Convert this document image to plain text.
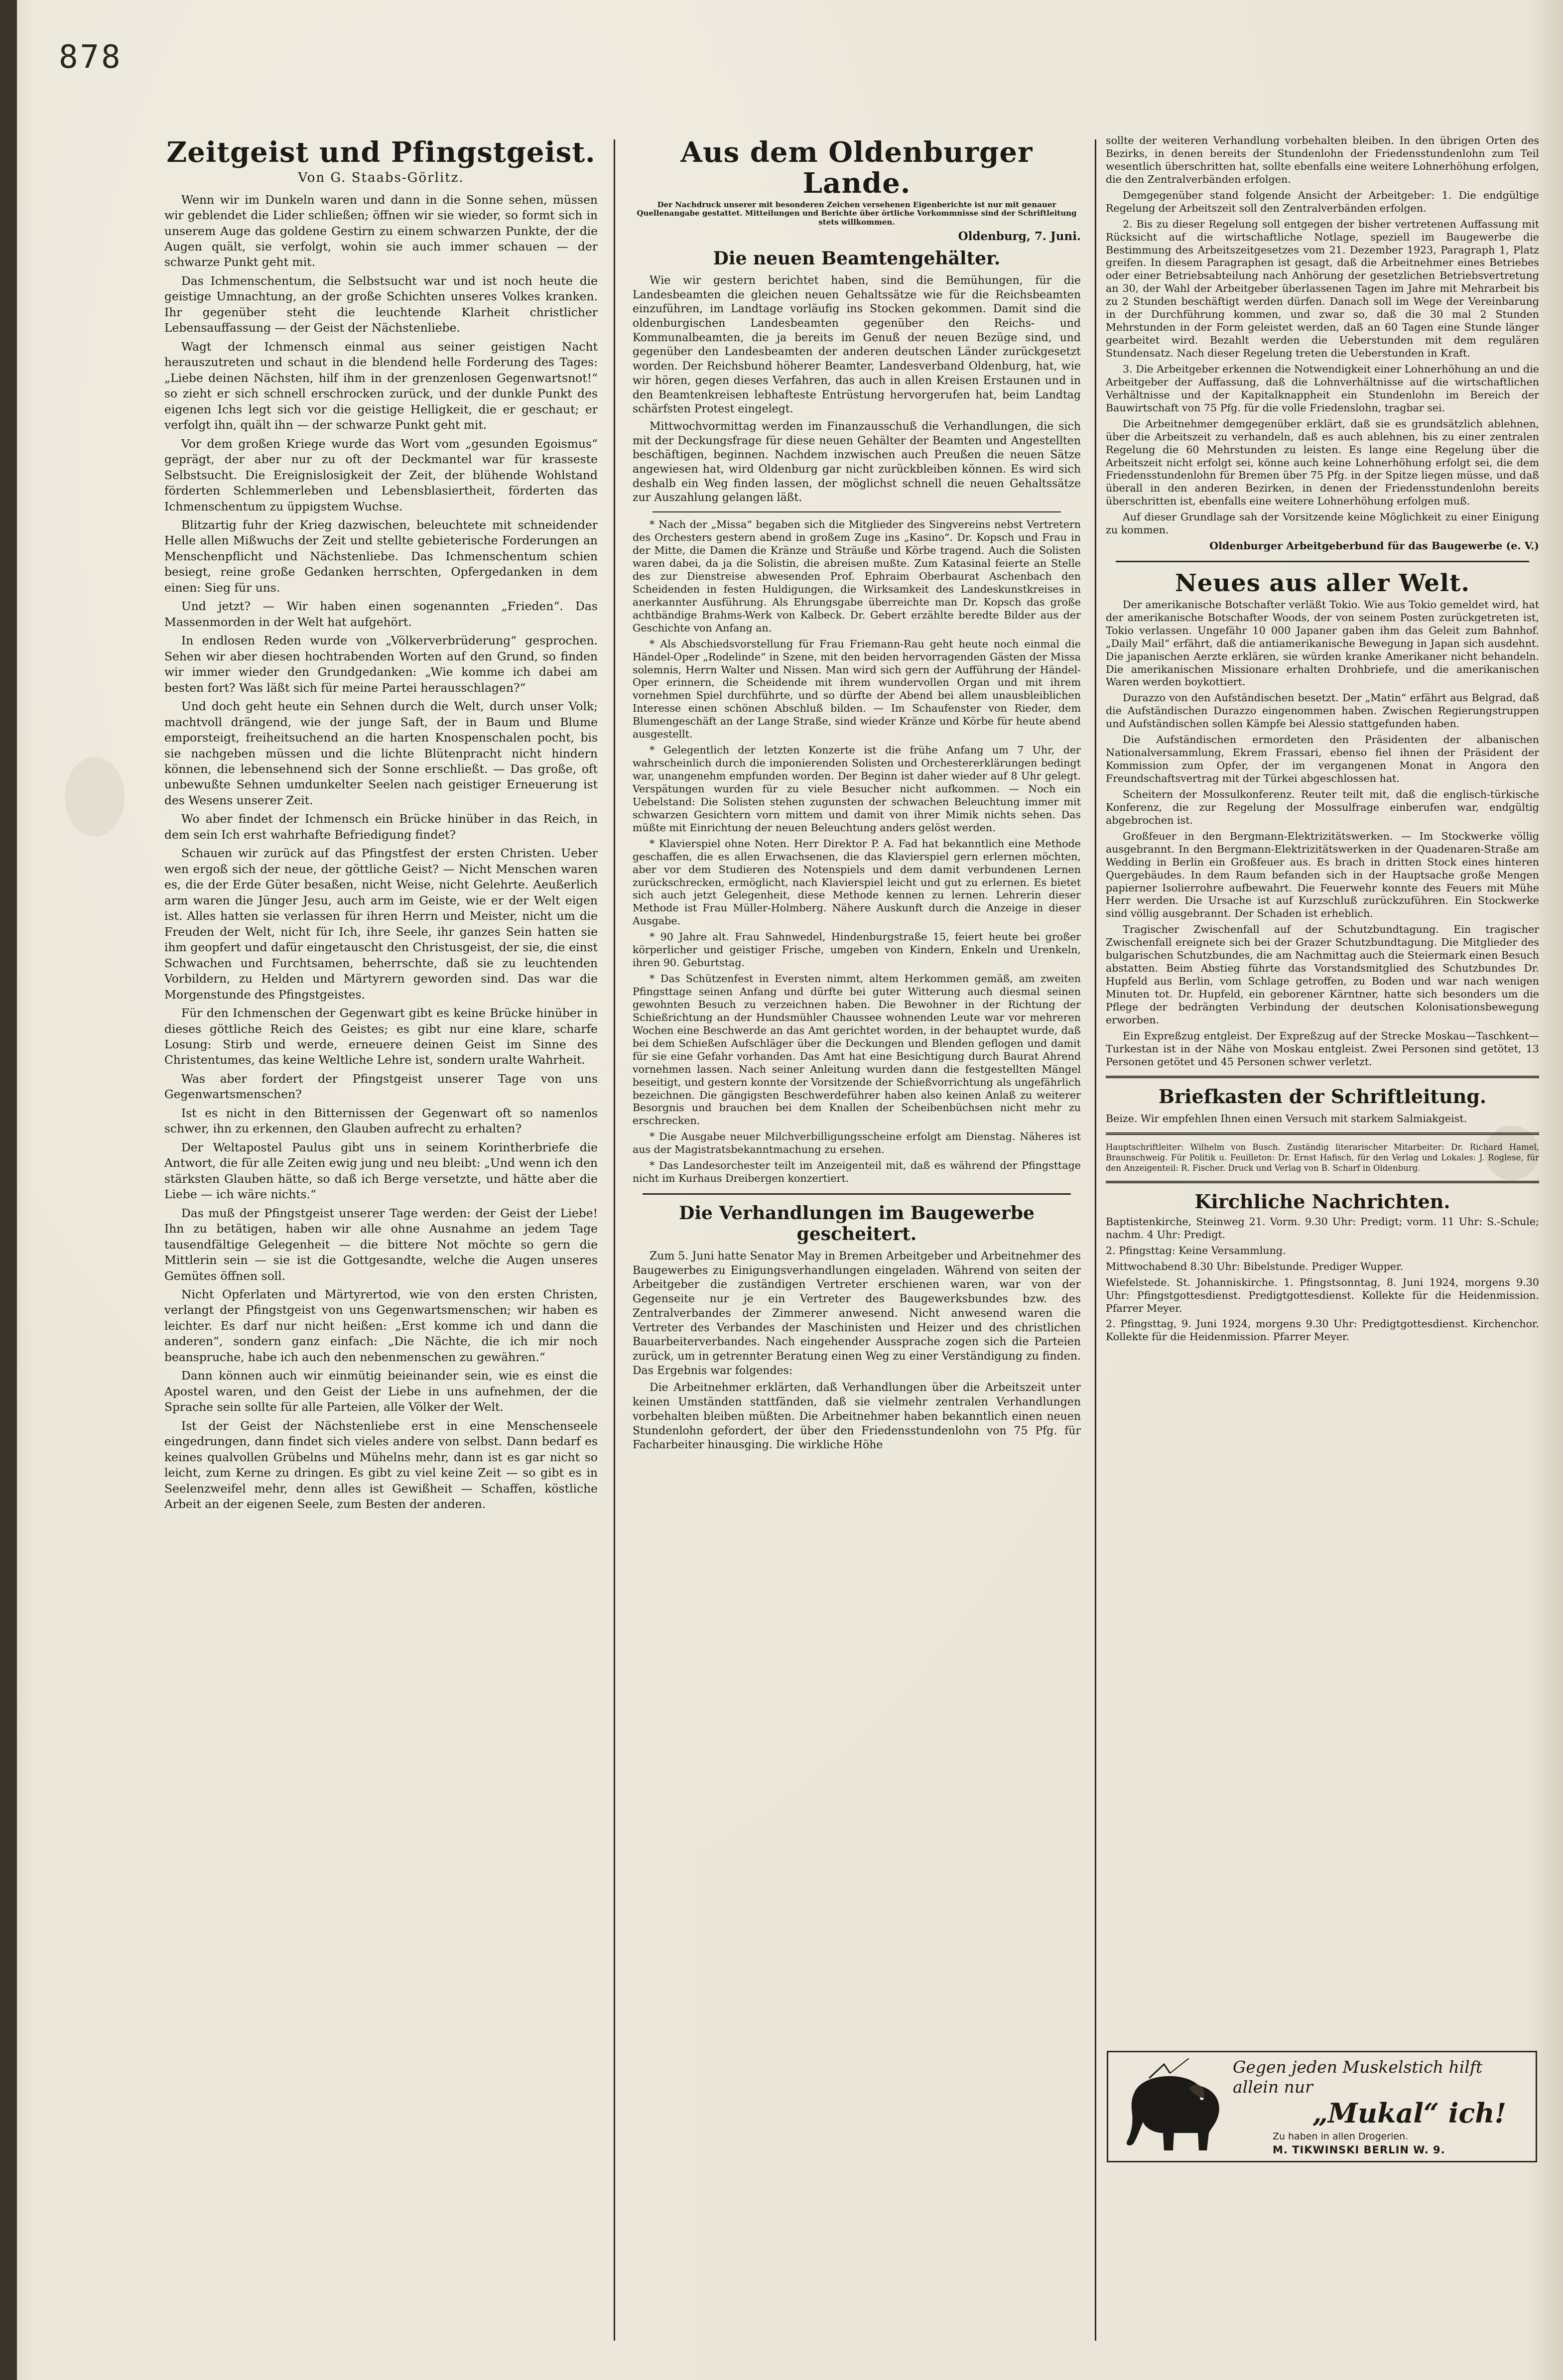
878
Zeitgeist und Pfingstgeist.
Von G. Staabs-Görlitz.

Wenn wir im Dunkeln waren und dann in die Sonne sehen, müssen wir geblendet die Lider schließen; öffnen wir sie wieder, so formt sich in unserem Auge das goldene Gestirn zu einem schwarzen Punkte, der die Augen quält, sie verfolgt, wohin sie auch immer schauen — der schwarze Punkt geht mit.

Das Ichmenschentum, die Selbstsucht war und ist noch heute die geistige Umnachtung, an der große Schichten unseres Volkes kranken. Ihr gegenüber steht die leuchtende Klarheit christlicher Lebensauffassung — der Geist der Nächstenliebe.

Wagt der Ichmensch einmal aus seiner geistigen Nacht herauszutreten und schaut in die blendend helle Forderung des Tages: „Liebe deinen Nächsten, hilf ihm in der grenzenlosen Gegenwartsnot!“ so zieht er sich schnell erschrocken zurück, und der dunkle Punkt des eigenen Ichs legt sich vor die geistige Helligkeit, die er geschaut; er verfolgt ihn, quält ihn — der schwarze Punkt geht mit.

Vor dem großen Kriege wurde das Wort vom „gesunden Egoismus“ geprägt, der aber nur zu oft der Deckmantel war für krasseste Selbstsucht. Die Ereignislosigkeit der Zeit, der blühende Wohlstand förderten Schlemmerleben und Lebensblasiertheit, förderten das Ichmenschentum zu üppigstem Wuchse.

Blitzartig fuhr der Krieg dazwischen, beleuchtete mit schneidender Helle allen Mißwuchs der Zeit und stellte gebieterische Forderungen an Menschenpflicht und Nächstenliebe. Das Ichmenschentum schien besiegt, reine große Gedanken herrschten, Opfergedanken in dem einen: Sieg für uns.

Und jetzt? — Wir haben einen sogenannten „Frieden“. Das Massenmorden in der Welt hat aufgehört.

In endlosen Reden wurde von „Völkerverbrüderung“ gesprochen. Sehen wir aber diesen hochtrabenden Worten auf den Grund, so finden wir immer wieder den Grundgedanken: „Wie komme ich dabei am besten fort? Was läßt sich für meine Partei herausschlagen?“

Und doch geht heute ein Sehnen durch die Welt, durch unser Volk; machtvoll drängend, wie der junge Saft, der in Baum und Blume emporsteigt, freiheitsuchend an die harten Knospenschalen pocht, bis sie nachgeben müssen und die lichte Blütenpracht nicht hindern können, die lebensehnend sich der Sonne erschließt. — Das große, oft unbewußte Sehnen umdunkelter Seelen nach geistiger Erneuerung ist des Wesens unserer Zeit.

Wo aber findet der Ichmensch ein Brücke hinüber in das Reich, in dem sein Ich erst wahrhafte Befriedigung findet?

Schauen wir zurück auf das Pfingstfest der ersten Christen. Ueber wen ergoß sich der neue, der göttliche Geist? — Nicht Menschen waren es, die der Erde Güter besaßen, nicht Weise, nicht Gelehrte. Aeußerlich arm waren die Jünger Jesu, auch arm im Geiste, wie er der Welt eigen ist. Alles hatten sie verlassen für ihren Herrn und Meister, nicht um die Freuden der Welt, nicht für Ich, ihre Seele, ihr ganzes Sein hatten sie ihm geopfert und dafür eingetauscht den Christusgeist, der sie, die einst Schwachen und Furchtsamen, beherrschte, daß sie zu leuchtenden Vorbildern, zu Helden und Märtyrern geworden sind. Das war die Morgenstunde des Pfingstgeistes.

Für den Ichmenschen der Gegenwart gibt es keine Brücke hinüber in dieses göttliche Reich des Geistes; es gibt nur eine klare, scharfe Losung: Stirb und werde, erneuere deinen Geist im Sinne des Christentumes, das keine Weltliche Lehre ist, sondern uralte Wahrheit.

Was aber fordert der Pfingstgeist unserer Tage von uns Gegenwartsmenschen?

Ist es nicht in den Bitternissen der Gegenwart oft so namenlos schwer, ihn zu erkennen, den Glauben aufrecht zu erhalten?

Der Weltapostel Paulus gibt uns in seinem Korintherbriefe die Antwort, die für alle Zeiten ewig jung und neu bleibt: „Und wenn ich den stärksten Glauben hätte, so daß ich Berge versetzte, und hätte aber die Liebe — ich wäre nichts.“

Das muß der Pfingstgeist unserer Tage werden: der Geist der Liebe! Ihn zu betätigen, haben wir alle ohne Ausnahme an jedem Tage tausendfältige Gelegenheit — die bittere Not möchte so gern die Mittlerin sein — sie ist die Gottgesandte, welche die Augen unseres Gemütes öffnen soll.

Nicht Opferlaten und Märtyrertod, wie von den ersten Christen, verlangt der Pfingstgeist von uns Gegenwartsmenschen; wir haben es leichter. Es darf nur nicht heißen: „Erst komme ich und dann die anderen“, sondern ganz einfach: „Die Nächte, die ich mir noch beanspruche, habe ich auch den nebenmenschen zu gewähren.“

Dann können auch wir einmütig beieinander sein, wie es einst die Apostel waren, und den Geist der Liebe in uns aufnehmen, der die Sprache sein sollte für alle Parteien, alle Völker der Welt.

Ist der Geist der Nächstenliebe erst in eine Menschenseele eingedrungen, dann findet sich vieles andere von selbst. Dann bedarf es keines qualvollen Grübelns und Mühelns mehr, dann ist es gar nicht so leicht, zum Kerne zu dringen. Es gibt zu viel keine Zeit — so gibt es in Seelenzweifel mehr, denn alles ist Gewißheit — Schaffen, köstliche Arbeit an der eigenen Seele, zum Besten der anderen.

Aus dem Oldenburger Lande.
Der Nachdruck unserer mit besonderen Zeichen versehenen Eigenberichte ist nur mit genauer Quellenangabe gestattet. Mitteilungen und Berichte über örtliche Vorkommnisse sind der Schriftleitung stets willkommen.
Oldenburg, 7. Juni.
Die neuen Beamtengehälter.

Wie wir gestern berichtet haben, sind die Bemühungen, für die Landesbeamten die gleichen neuen Gehaltssätze wie für die Reichsbeamten einzuführen, im Landtage vorläufig ins Stocken gekommen. Damit sind die oldenburgischen Landesbeamten gegenüber den Reichs- und Kommunalbeamten, die ja bereits im Genuß der neuen Bezüge sind, und gegenüber den Landesbeamten der anderen deutschen Länder zurückgesetzt worden. Der Reichsbund höherer Beamter, Landesverband Oldenburg, hat, wie wir hören, gegen dieses Verfahren, das auch in allen Kreisen Erstaunen und in den Beamtenkreisen lebhafteste Entrüstung hervorgerufen hat, beim Landtag schärfsten Protest eingelegt.

Mittwochvormittag werden im Finanzausschuß die Verhandlungen, die sich mit der Deckungsfrage für diese neuen Gehälter der Beamten und Angestellten beschäftigen, beginnen. Nachdem inzwischen auch Preußen die neuen Sätze angewiesen hat, wird Oldenburg gar nicht zurückbleiben können. Es wird sich deshalb ein Weg finden lassen, der möglichst schnell die neuen Gehaltssätze zur Auszahlung gelangen läßt.

* Nach der „Missa“ begaben sich die Mitglieder des Singvereins nebst Vertretern des Orchesters gestern abend in großem Zuge ins „Kasino“. Dr. Kopsch und Frau in der Mitte, die Damen die Kränze und Sträuße und Körbe tragend. Auch die Solisten waren dabei, da ja die Solistin, die abreisen mußte. Zum Katasinal feierte an Stelle des zur Dienstreise abwesenden Prof. Ephraim Oberbaurat Aschenbach den Scheidenden in festen Huldigungen, die Wirksamkeit des Landeskunstkreises in anerkannter Ausführung. Als Ehrungsgabe überreichte man Dr. Kopsch das große achtbändige Brahms-Werk von Kalbeck. Dr. Gebert erzählte beredte Bilder aus der Geschichte von Anfang an.

* Als Abschiedsvorstellung für Frau Friemann-Rau geht heute noch einmal die Händel-Oper „Rodelinde“ in Szene, mit den beiden hervorragenden Gästen der Missa solemnis, Herrn Walter und Nissen. Man wird sich gern der Aufführung der Händel-Oper erinnern, die Scheidende mit ihrem wundervollen Organ und mit ihrem vornehmen Spiel durchführte, und so dürfte der Abend bei allem unausbleiblichen Interesse einen schönen Abschluß bilden. — Im Schaufenster von Rieder, dem Blumengeschäft an der Lange Straße, sind wieder Kränze und Körbe für heute abend ausgestellt.

* Gelegentlich der letzten Konzerte ist die frühe Anfang um 7 Uhr, der wahrscheinlich durch die imponierenden Solisten und Orchestererklärungen bedingt war, unangenehm empfunden worden. Der Beginn ist daher wieder auf 8 Uhr gelegt. Verspätungen wurden für zu viele Besucher nicht aufkommen. — Noch ein Uebelstand: Die Solisten stehen zugunsten der schwachen Beleuchtung immer mit schwarzen Gesichtern vorn mittem und damit von ihrer Mimik nichts sehen. Das müßte mit Einrichtung der neuen Beleuchtung anders gelöst werden.

* Klavierspiel ohne Noten. Herr Direktor P. A. Fad hat bekanntlich eine Methode geschaffen, die es allen Erwachsenen, die das Klavierspiel gern erlernen möchten, aber vor dem Studieren des Notenspiels und dem damit verbundenen Lernen zurückschrecken, ermöglicht, nach Klavierspiel leicht und gut zu erlernen. Es bietet sich auch jetzt Gelegenheit, diese Methode kennen zu lernen. Lehrerin dieser Methode ist Frau Müller-Holmberg. Nähere Auskunft durch die Anzeige in dieser Ausgabe.

* 90 Jahre alt. Frau Sahnwedel, Hindenburgstraße 15, feiert heute bei großer körperlicher und geistiger Frische, umgeben von Kindern, Enkeln und Urenkeln, ihren 90. Geburtstag.

* Das Schützenfest in Eversten nimmt, altem Herkommen gemäß, am zweiten Pfingsttage seinen Anfang und dürfte bei guter Witterung auch diesmal seinen gewohnten Besuch zu verzeichnen haben. Die Bewohner in der Richtung der Schießrichtung an der Hundsmühler Chaussee wohnenden Leute war vor mehreren Wochen eine Beschwerde an das Amt gerichtet worden, in der behauptet wurde, daß bei dem Schießen Aufschläger über die Deckungen und Blenden geflogen und damit für sie eine Gefahr vorhanden. Das Amt hat eine Besichtigung durch Baurat Ahrend vornehmen lassen. Nach seiner Anleitung wurden dann die festgestellten Mängel beseitigt, und gestern konnte der Vorsitzende der Schießvorrichtung als ungefährlich bezeichnen. Die gängigsten Beschwerdeführer haben also keinen Anlaß zu weiterer Besorgnis und brauchen bei dem Knallen der Scheibenbüchsen nicht mehr zu erschrecken.

* Die Ausgabe neuer Milchverbilligungsscheine erfolgt am Dienstag. Näheres ist aus der Magistratsbekanntmachung zu ersehen.

* Das Landesorchester teilt im Anzeigenteil mit, daß es während der Pfingsttage nicht im Kurhaus Dreibergen konzertiert.

Die Verhandlungen im Baugewerbe gescheitert.

Zum 5. Juni hatte Senator May in Bremen Arbeitgeber und Arbeitnehmer des Baugewerbes zu Einigungsverhandlungen eingeladen. Während von seiten der Arbeitgeber die zuständigen Vertreter erschienen waren, war von der Gegenseite nur je ein Vertreter des Baugewerksbundes bzw. des Zentralverbandes der Zimmerer anwesend. Nicht anwesend waren die Vertreter des Verbandes der Maschinisten und Heizer und des christlichen Bauarbeiterverbandes. Nach eingehender Aussprache zogen sich die Parteien zurück, um in getrennter Beratung einen Weg zu einer Verständigung zu finden. Das Ergebnis war folgendes:

Die Arbeitnehmer erklärten, daß Verhandlungen über die Arbeitszeit unter keinen Umständen stattfänden, daß sie vielmehr zentralen Verhandlungen vorbehalten bleiben müßten. Die Arbeitnehmer haben bekanntlich einen neuen Stundenlohn gefordert, der über den Friedensstundenlohn von 75 Pfg. für Facharbeiter hinausging. Die wirkliche Höhe

sollte der weiteren Verhandlung vorbehalten bleiben. In den übrigen Orten des Bezirks, in denen bereits der Stundenlohn der Friedensstundenlohn zum Teil wesentlich überschritten hat, sollte ebenfalls eine weitere Lohnerhöhung erfolgen, die den Zentralverbänden erfolgen.

Demgegenüber stand folgende Ansicht der Arbeitgeber: 1. Die endgültige Regelung der Arbeitszeit soll den Zentralverbänden erfolgen.

2. Bis zu dieser Regelung soll entgegen der bisher vertretenen Auffassung mit Rücksicht auf die wirtschaftliche Notlage, speziell im Baugewerbe die Bestimmung des Arbeitszeitgesetzes vom 21. Dezember 1923, Paragraph 1, Platz greifen. In diesem Paragraphen ist gesagt, daß die Arbeitnehmer eines Betriebes oder einer Betriebsabteilung nach Anhörung der gesetzlichen Betriebsvertretung an 30, der Wahl der Arbeitgeber überlassenen Tagen im Jahre mit Mehrarbeit bis zu 2 Stunden beschäftigt werden dürfen. Danach soll im Wege der Vereinbarung in der Durchführung kommen, und zwar so, daß die 30 mal 2 Stunden Mehrstunden in der Form geleistet werden, daß an 60 Tagen eine Stunde länger gearbeitet wird. Bezahlt werden die Ueberstunden mit dem regulären Stundensatz. Nach dieser Regelung treten die Ueberstunden in Kraft.

3. Die Arbeitgeber erkennen die Notwendigkeit einer Lohnerhöhung an und die Arbeitgeber der Auffassung, daß die Lohnverhältnisse auf die wirtschaftlichen Verhältnisse und der Kapitalknappheit ein Stundenlohn im Bereich der Bauwirtschaft von 75 Pfg. für die volle Friedenslohn, tragbar sei.

Die Arbeitnehmer demgegenüber erklärt, daß sie es grundsätzlich ablehnen, über die Arbeitszeit zu verhandeln, daß es auch ablehnen, bis zu einer zentralen Regelung die 60 Mehrstunden zu leisten. Es lange eine Regelung über die Arbeitszeit nicht erfolgt sei, könne auch keine Lohnerhöhung erfolgt sei, die dem Friedensstundenlohn für Bremen über 75 Pfg. in der Spitze liegen müsse, und daß überall in den anderen Bezirken, in denen der Friedensstundenlohn bereits überschritten ist, ebenfalls eine weitere Lohnerhöhung erfolgen muß.

Auf dieser Grundlage sah der Vorsitzende keine Möglichkeit zu einer Einigung zu kommen.

Oldenburger Arbeitgeberbund für das Baugewerbe (e. V.)

Neues aus aller Welt.

Der amerikanische Botschafter verläßt Tokio. Wie aus Tokio gemeldet wird, hat der amerikanische Botschafter Woods, der von seinem Posten zurückgetreten ist, Tokio verlassen. Ungefähr 10 000 Japaner gaben ihm das Geleit zum Bahnhof. „Daily Mail“ erfährt, daß die antiamerikanische Bewegung in Japan sich ausdehnt. Die japanischen Aerzte erklären, sie würden kranke Amerikaner nicht behandeln. Die amerikanischen Missionare erhalten Drohbriefe, und die amerikanischen Waren werden boykottiert.

Durazzo von den Aufständischen besetzt. Der „Matin“ erfährt aus Belgrad, daß die Aufständischen Durazzo eingenommen haben. Zwischen Regierungstruppen und Aufständischen sollen Kämpfe bei Alessio stattgefunden haben.

Die Aufständischen ermordeten den Präsidenten der albanischen Nationalversammlung, Ekrem Frassari, ebenso fiel ihnen der Präsident der Kommission zum Opfer, der im vergangenen Monat in Angora den Freundschaftsvertrag mit der Türkei abgeschlossen hat.

Scheitern der Mossulkonferenz. Reuter teilt mit, daß die englisch-türkische Konferenz, die zur Regelung der Mossulfrage einberufen war, endgültig abgebrochen ist.

Großfeuer in den Bergmann-Elektrizitätswerken. — Im Stockwerke völlig ausgebrannt. In den Bergmann-Elektrizitätswerken in der Quadenaren-Straße am Wedding in Berlin ein Großfeuer aus. Es brach in dritten Stock eines hinteren Quergebäudes. In dem Raum befanden sich in der Hauptsache große Mengen papierner Isolierrohre aufbewahrt. Die Feuerwehr konnte des Feuers mit Mühe Herr werden. Die Ursache ist auf Kurzschluß zurückzuführen. Ein Stockwerke sind völlig ausgebrannt. Der Schaden ist erheblich.

Tragischer Zwischenfall auf der Schutzbundtagung. Ein tragischer Zwischenfall ereignete sich bei der Grazer Schutzbundtagung. Die Mitglieder des bulgarischen Schutzbundes, die am Nachmittag auch die Steiermark einen Besuch abstatten. Beim Abstieg führte das Vorstandsmitglied des Schutzbundes Dr. Hupfeld aus Berlin, vom Schlage getroffen, zu Boden und war nach wenigen Minuten tot. Dr. Hupfeld, ein geborener Kärntner, hatte sich besonders um die Pflege der bedrängten Verbindung der deutschen Kolonisationsbewegung erworben.

Ein Expreßzug entgleist. Der Expreßzug auf der Strecke Moskau—Taschkent—Turkestan ist in der Nähe von Moskau entgleist. Zwei Personen sind getötet, 13 Personen getötet und 45 Personen schwer verletzt.

Briefkasten der Schriftleitung.

Beize. Wir empfehlen Ihnen einen Versuch mit starkem Salmiakgeist.

Hauptschriftleiter: Wilhelm von Busch. Zuständig literarischer Mitarbeiter: Dr. Richard Hamel, Braunschweig. Für Politik u. Feuilleton: Dr. Ernst Hafisch, für den Verlag und Lokales: J. Roglese, für den Anzeigenteil: R. Fischer. Druck und Verlag von B. Scharf in Oldenburg.
Kirchliche Nachrichten.

Baptistenkirche, Steinweg 21. Vorm. 9.30 Uhr: Predigt; vorm. 11 Uhr: S.-Schule; nachm. 4 Uhr: Predigt.

2. Pfingsttag: Keine Versammlung.

Mittwochabend 8.30 Uhr: Bibelstunde. Prediger Wupper.

Wiefelstede. St. Johanniskirche. 1. Pfingstsonntag, 8. Juni 1924, morgens 9.30 Uhr: Pfingstgottesdienst. Predigtgottesdienst. Kollekte für die Heidenmission. Pfarrer Meyer.

2. Pfingsttag, 9. Juni 1924, morgens 9.30 Uhr: Predigtgottesdienst. Kirchenchor. Kollekte für die Heidenmission. Pfarrer Meyer.

Gegen jeden Muskelstich hilft allein nur
„Mukal“ ich!
Zu haben in allen Drogerien.
M. TIKWINSKI BERLIN W. 9.
